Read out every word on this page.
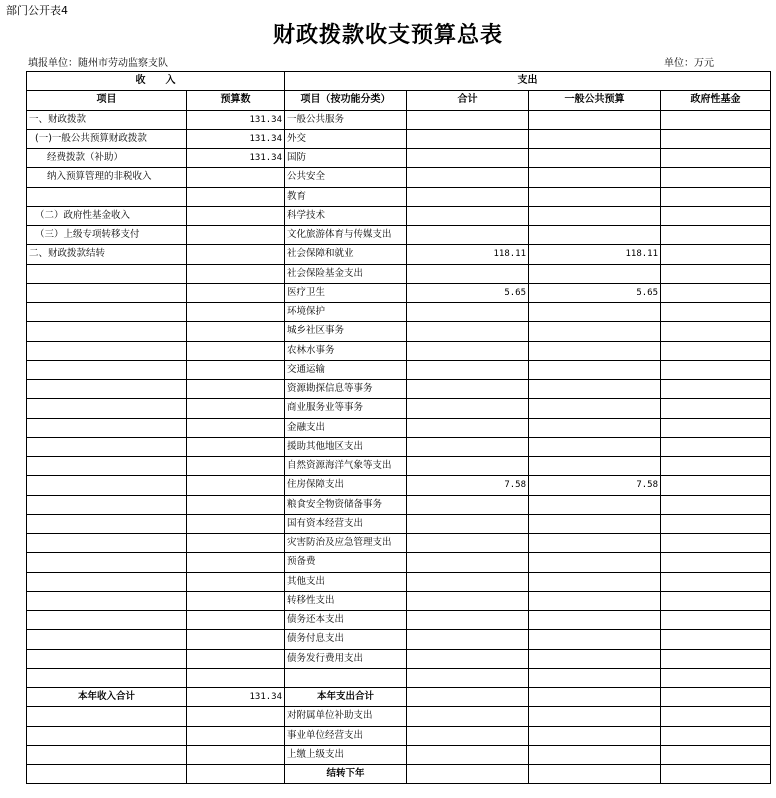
部门公开表4
财政拨款收支预算总表
填报单位：随州市劳动监察支队	单位：万元
收　　入		支出			
项目	预算数	项目（按功能分类）	合计	一般公共预算	政府性基金
一、财政拨款	131.34	一般公共服务			
(一)一般公共预算财政拨款	131.34	外交			
经费拨款（补助）	131.34	国防			
纳入预算管理的非税收入		公共安全			
		教育			
（二）政府性基金收入		科学技术			
（三）上级专项转移支付		文化旅游体育与传媒支出			
二、财政拨款结转		社会保障和就业	118.11	118.11	
		社会保险基金支出			
		医疗卫生	5.65	5.65	
		环境保护			
		城乡社区事务			
		农林水事务			
		交通运输			
		资源勘探信息等事务			
		商业服务业等事务			
		金融支出			
		援助其他地区支出			
		自然资源海洋气象等支出			
		住房保障支出	7.58	7.58	
		粮食安全物资储备事务			
		国有资本经营支出			
		灾害防治及应急管理支出			
		预备费			
		其他支出			
		转移性支出			
		债务还本支出			
		债务付息支出			
		债务发行费用支出			

本年收入合计	131.34	本年支出合计			
		对附属单位补助支出			
		事业单位经营支出			
		上缴上级支出			
		结转下年			
